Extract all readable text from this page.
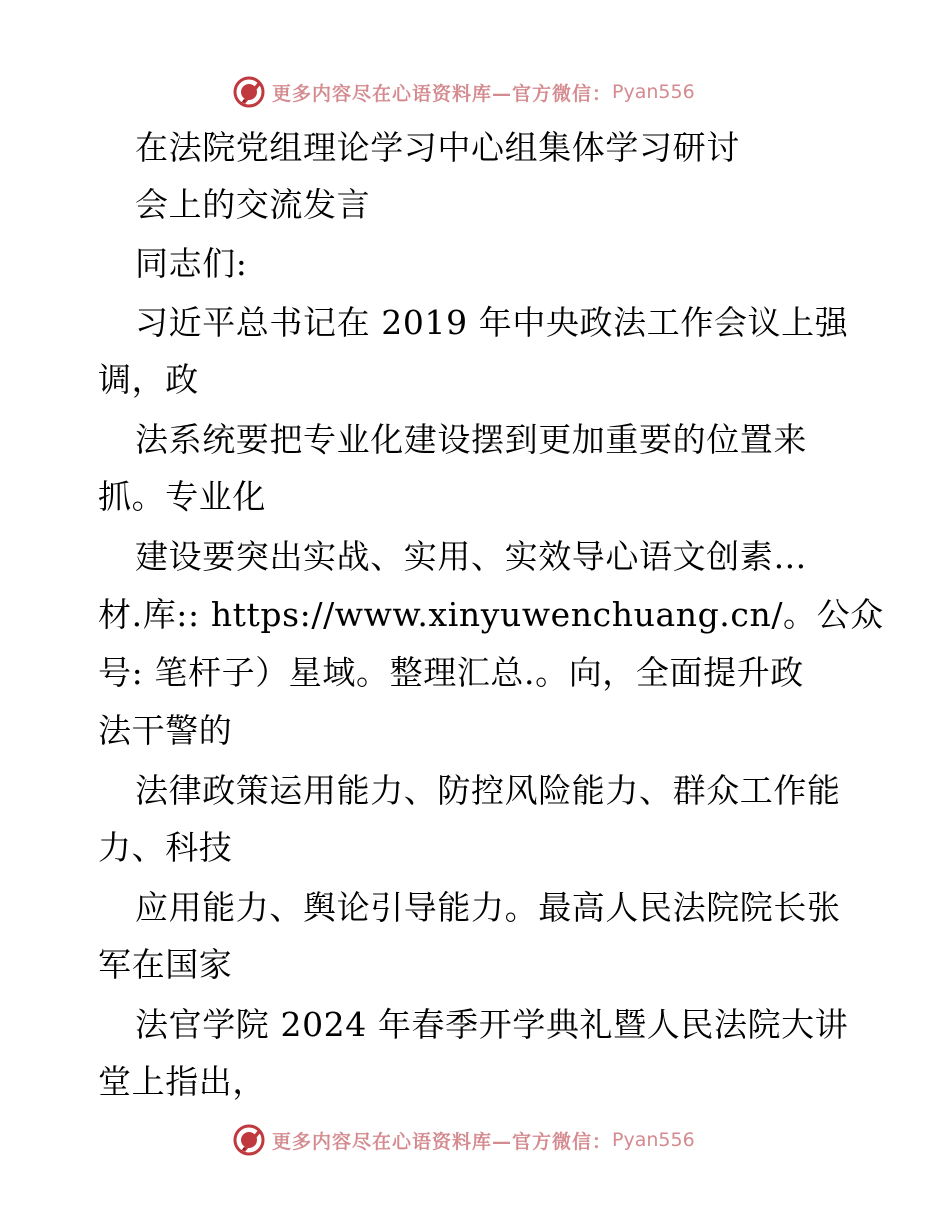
更多内容尽在心语资料库—官方微信： Pyan556

在法院党组理论学习中心组集体学习研讨

会上的交流发言

同志们:

习近平总书记在 2019 年中央政法工作会议上强

调，政

法系统要把专业化建设摆到更加重要的位置来

抓。专业化

建设要突出实战、实用、实效导心语文创素…

材.库:: https://www.xinyuwenchuang.cn/。公众

号: 笔杆子）星域。整理汇总.。向，全面提升政

法干警的

法律政策运用能力、防控风险能力、群众工作能

力、科技

应用能力、舆论引导能力。最高人民法院院长张

军在国家

法官学院 2024 年春季开学典礼暨人民法院大讲

堂上指出，

更多内容尽在心语资料库—官方微信： Pyan556
